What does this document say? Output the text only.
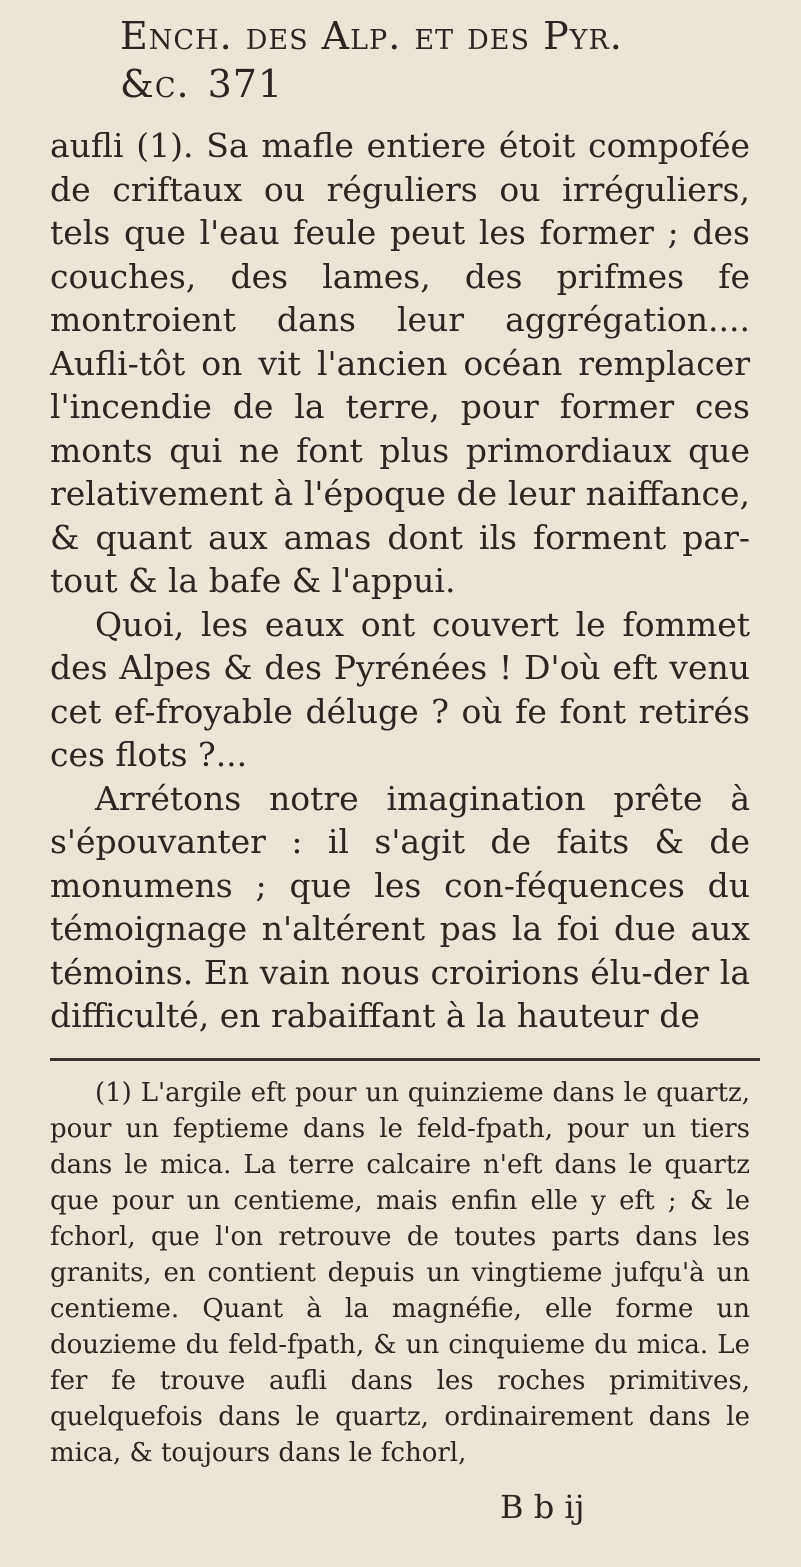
Ench. des Alp. et des Pyr. &c. 371

aufli (1). Sa mafle entiere étoit compofée de criftaux ou réguliers ou irréguliers, tels que l'eau feule peut les former ; des couches, des lames, des prifmes fe montroient dans leur aggrégation.... Aufli-tôt on vit l'ancien océan remplacer l'incendie de la terre, pour former ces monts qui ne font plus primordiaux que relativement à l'époque de leur naiffance, & quant aux amas dont ils forment par-tout & la bafe & l'appui.

Quoi, les eaux ont couvert le fommet des Alpes & des Pyrénées ! D'où eft venu cet ef-froyable déluge ? où fe font retirés ces flots ?...

Arrétons notre imagination prête à s'épouvanter : il s'agit de faits & de monumens ; que les con-féquences du témoignage n'altérent pas la foi due aux témoins. En vain nous croirions élu-der la difficulté, en rabaiffant à la hauteur de

(1) L'argile eft pour un quinzieme dans le quartz, pour un feptieme dans le feld-fpath, pour un tiers dans le mica. La terre calcaire n'eft dans le quartz que pour un centieme, mais enfin elle y eft ; & le fchorl, que l'on retrouve de toutes parts dans les granits, en contient depuis un vingtieme jufqu'à un centieme. Quant à la magnéfie, elle forme un douzieme du feld-fpath, & un cinquieme du mica. Le fer fe trouve aufli dans les roches primitives, quelquefois dans le quartz, ordinairement dans le mica, & toujours dans le fchorl,

B b ij
